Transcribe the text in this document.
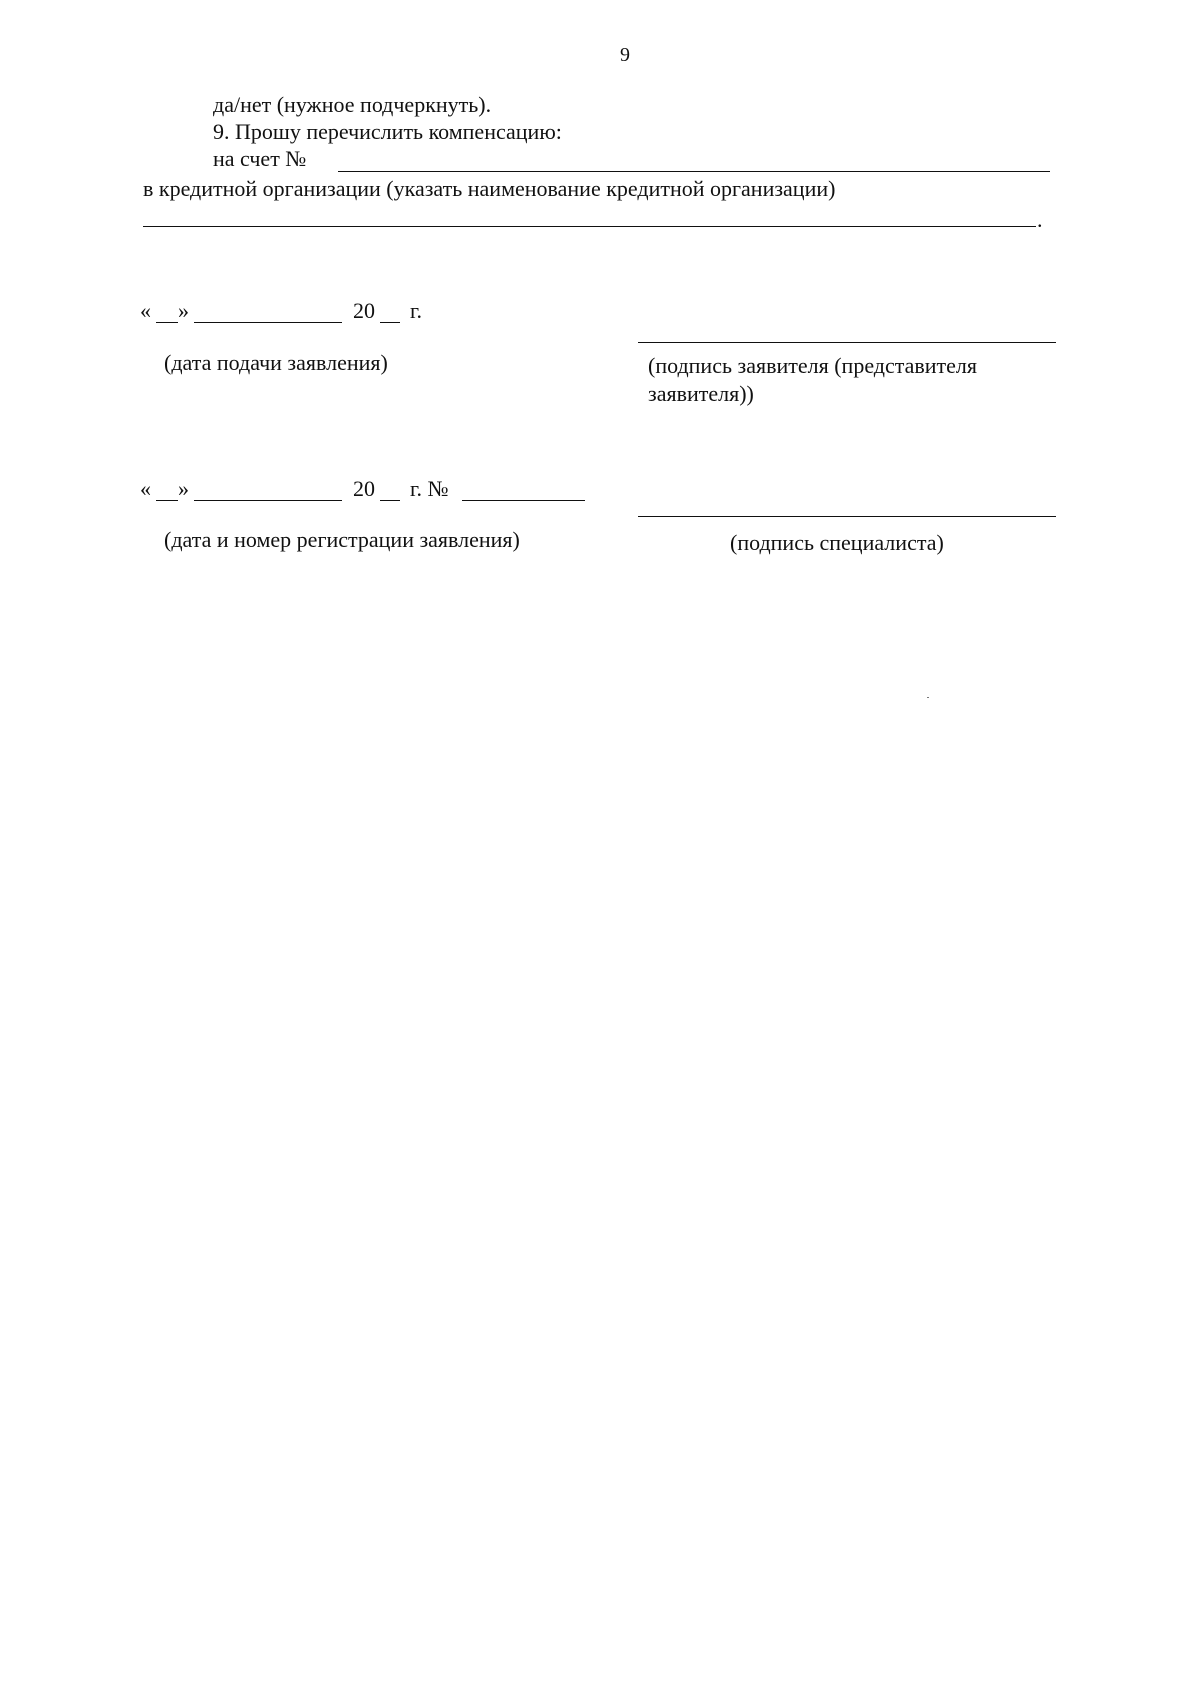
9
да/нет (нужное подчеркнуть).
9. Прошу перечислить компенсацию:
на счет №
в кредитной организации (указать наименование кредитной организации)
.
« »	20 г.
(дата подачи заявления)	(подпись заявителя (представителя заявителя))
« »	20 г. №
(дата и номер регистрации заявления)	(подпись специалиста)
